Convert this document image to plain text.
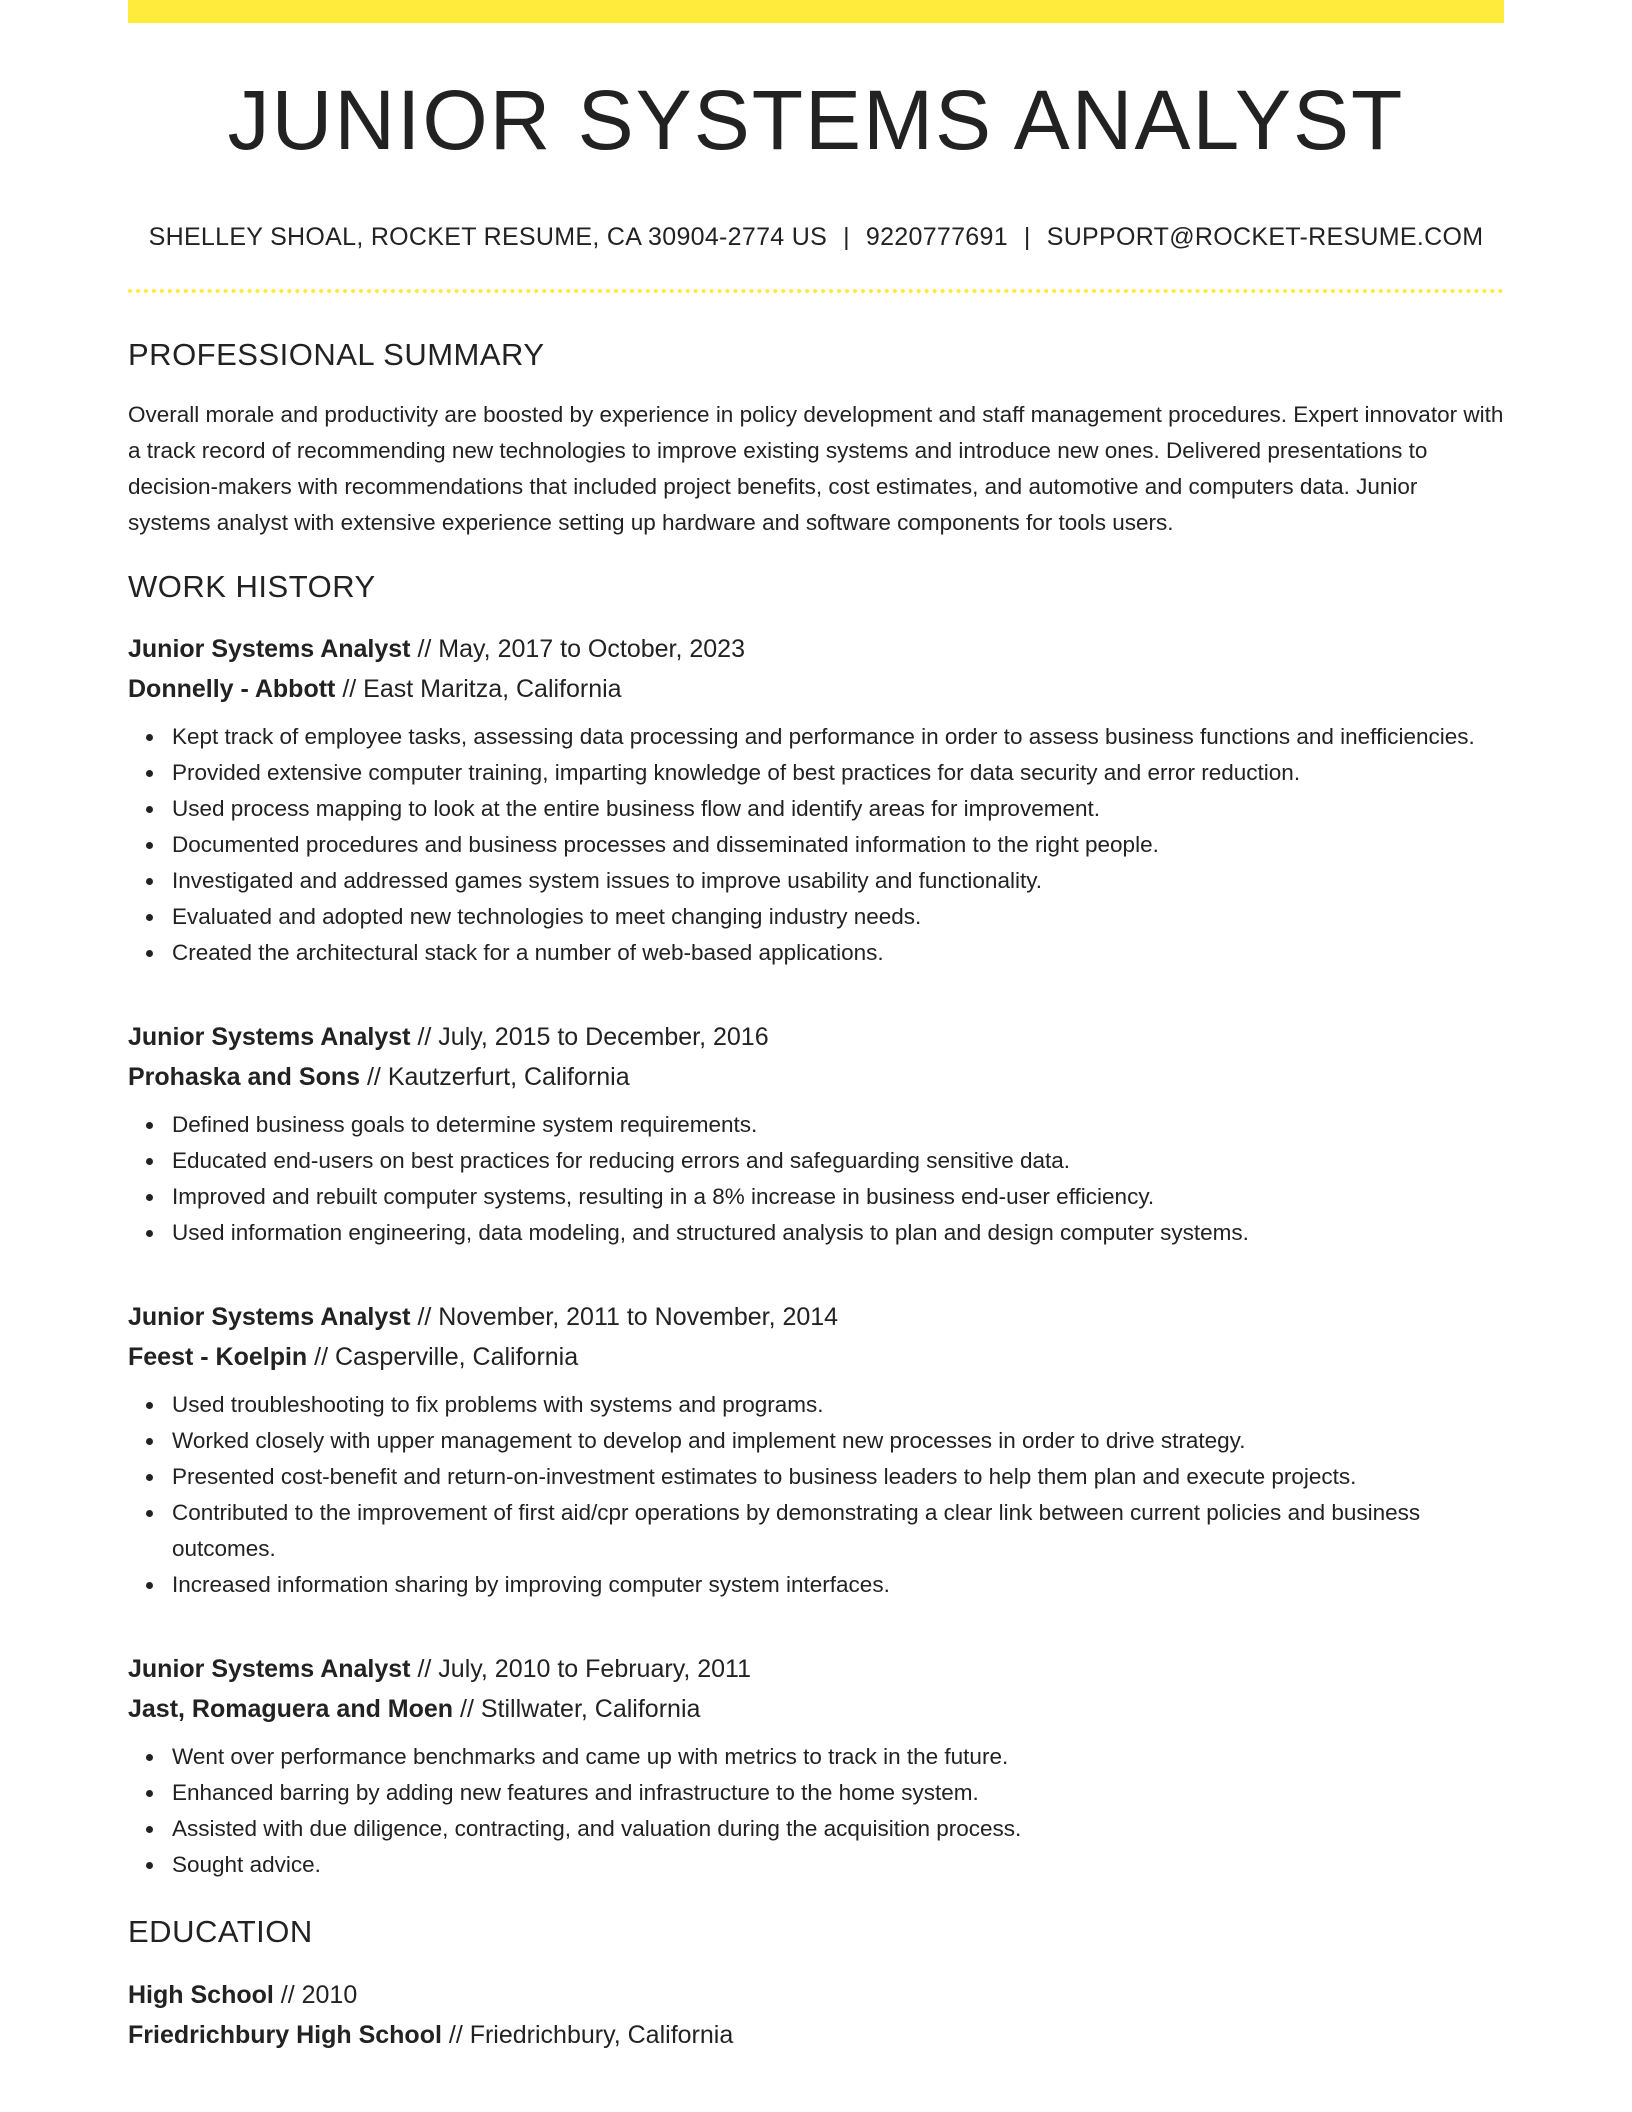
JUNIOR SYSTEMS ANALYST
SHELLEY SHOAL, ROCKET RESUME, CA 30904-2774 US | 9220777691 | SUPPORT@ROCKET-RESUME.COM
PROFESSIONAL SUMMARY

Overall morale and productivity are boosted by experience in policy development and staff management procedures. Expert innovator with a track record of recommending new technologies to improve existing systems and introduce new ones. Delivered presentations to decision-makers with recommendations that included project benefits, cost estimates, and automotive and computers data. Junior systems analyst with extensive experience setting up hardware and software components for tools users.

WORK HISTORY
Junior Systems Analyst // May, 2017 to October, 2023
Donnelly - Abbott // East Maritza, California
Kept track of employee tasks, assessing data processing and performance in order to assess business functions and inefficiencies.
Provided extensive computer training, imparting knowledge of best practices for data security and error reduction.
Used process mapping to look at the entire business flow and identify areas for improvement.
Documented procedures and business processes and disseminated information to the right people.
Investigated and addressed games system issues to improve usability and functionality.
Evaluated and adopted new technologies to meet changing industry needs.
Created the architectural stack for a number of web-based applications.
Junior Systems Analyst // July, 2015 to December, 2016
Prohaska and Sons // Kautzerfurt, California
Defined business goals to determine system requirements.
Educated end-users on best practices for reducing errors and safeguarding sensitive data.
Improved and rebuilt computer systems, resulting in a 8% increase in business end-user efficiency.
Used information engineering, data modeling, and structured analysis to plan and design computer systems.
Junior Systems Analyst // November, 2011 to November, 2014
Feest - Koelpin // Casperville, California
Used troubleshooting to fix problems with systems and programs.
Worked closely with upper management to develop and implement new processes in order to drive strategy.
Presented cost-benefit and return-on-investment estimates to business leaders to help them plan and execute projects.
Contributed to the improvement of first aid/cpr operations by demonstrating a clear link between current policies and business outcomes.
Increased information sharing by improving computer system interfaces.
Junior Systems Analyst // July, 2010 to February, 2011
Jast, Romaguera and Moen // Stillwater, California
Went over performance benchmarks and came up with metrics to track in the future.
Enhanced barring by adding new features and infrastructure to the home system.
Assisted with due diligence, contracting, and valuation during the acquisition process.
Sought advice.
EDUCATION
High School // 2010
Friedrichbury High School // Friedrichbury, California
